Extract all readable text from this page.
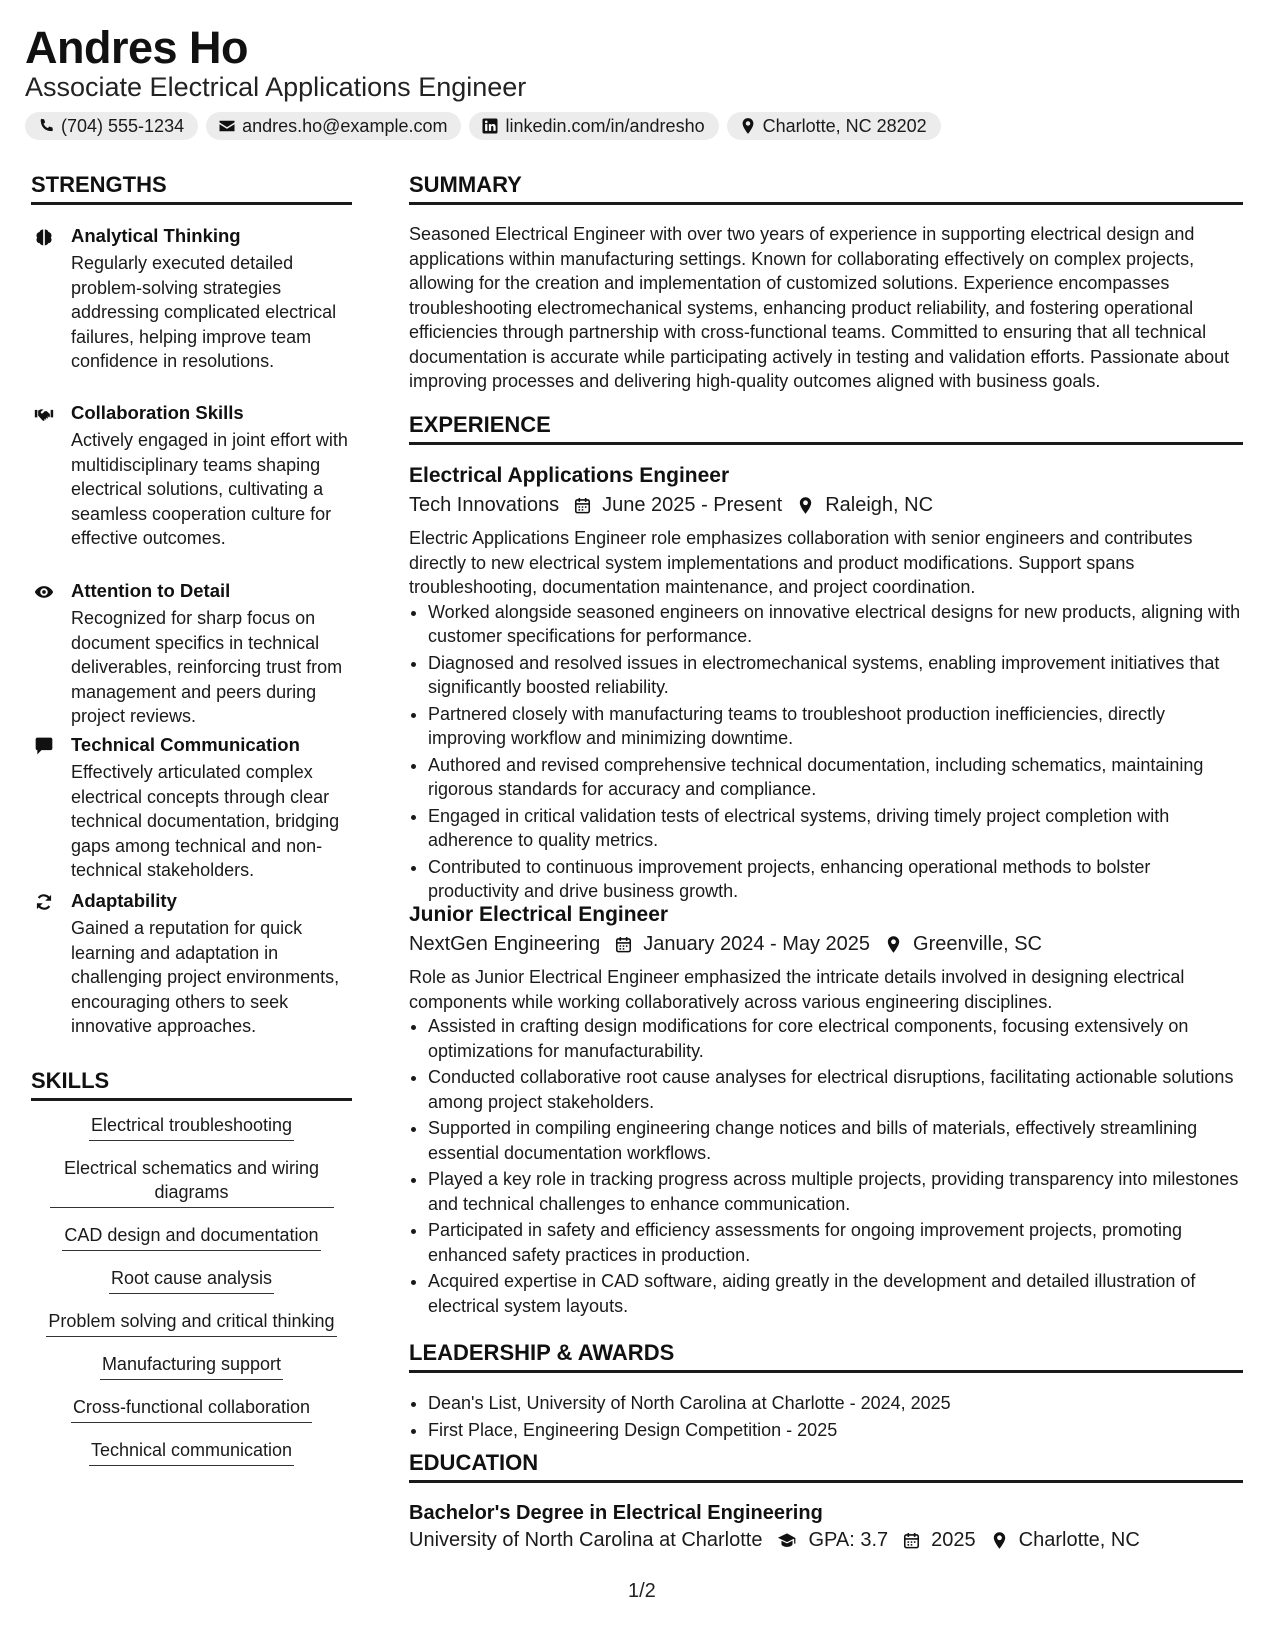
Andres Ho
Associate Electrical Applications Engineer
(704) 555-1234	andres.ho@example.com	linkedin.com/in/andresho	Charlotte, NC 28202
STRENGTHS
Analytical Thinking
Regularly executed detailed problem-solving strategies addressing complicated electrical failures, helping improve team confidence in resolutions.
Collaboration Skills
Actively engaged in joint effort with multidisciplinary teams shaping electrical solutions, cultivating a seamless cooperation culture for effective outcomes.
Attention to Detail
Recognized for sharp focus on document specifics in technical deliverables, reinforcing trust from management and peers during project reviews.
Technical Communication
Effectively articulated complex electrical concepts through clear technical documentation, bridging gaps among technical and non-technical stakeholders.
Adaptability
Gained a reputation for quick learning and adaptation in challenging project environments, encouraging others to seek innovative approaches.
SKILLS
Electrical troubleshooting
Electrical schematics and wiring diagrams
CAD design and documentation
Root cause analysis
Problem solving and critical thinking
Manufacturing support
Cross-functional collaboration
Technical communication
SUMMARY
Seasoned Electrical Engineer with over two years of experience in supporting electrical design and applications within manufacturing settings. Known for collaborating effectively on complex projects, allowing for the creation and implementation of customized solutions. Experience encompasses troubleshooting electromechanical systems, enhancing product reliability, and fostering operational efficiencies through partnership with cross-functional teams. Committed to ensuring that all technical documentation is accurate while participating actively in testing and validation efforts. Passionate about improving processes and delivering high-quality outcomes aligned with business goals.
EXPERIENCE
Electrical Applications Engineer
Tech Innovations June 2025 - Present Raleigh, NC
Electric Applications Engineer role emphasizes collaboration with senior engineers and contributes directly to new electrical system implementations and product modifications. Support spans troubleshooting, documentation maintenance, and project coordination.
• Worked alongside seasoned engineers on innovative electrical designs for new products, aligning with customer specifications for performance.
• Diagnosed and resolved issues in electromechanical systems, enabling improvement initiatives that significantly boosted reliability.
• Partnered closely with manufacturing teams to troubleshoot production inefficiencies, directly improving workflow and minimizing downtime.
• Authored and revised comprehensive technical documentation, including schematics, maintaining rigorous standards for accuracy and compliance.
• Engaged in critical validation tests of electrical systems, driving timely project completion with adherence to quality metrics.
• Contributed to continuous improvement projects, enhancing operational methods to bolster productivity and drive business growth.
Junior Electrical Engineer
NextGen Engineering January 2024 - May 2025 Greenville, SC
Role as Junior Electrical Engineer emphasized the intricate details involved in designing electrical components while working collaboratively across various engineering disciplines.
• Assisted in crafting design modifications for core electrical components, focusing extensively on optimizations for manufacturability.
• Conducted collaborative root cause analyses for electrical disruptions, facilitating actionable solutions among project stakeholders.
• Supported in compiling engineering change notices and bills of materials, effectively streamlining essential documentation workflows.
• Played a key role in tracking progress across multiple projects, providing transparency into milestones and technical challenges to enhance communication.
• Participated in safety and efficiency assessments for ongoing improvement projects, promoting enhanced safety practices in production.
• Acquired expertise in CAD software, aiding greatly in the development and detailed illustration of electrical system layouts.
LEADERSHIP & AWARDS
• Dean's List, University of North Carolina at Charlotte - 2024, 2025
• First Place, Engineering Design Competition - 2025
EDUCATION
Bachelor's Degree in Electrical Engineering
University of North Carolina at Charlotte GPA: 3.7 2025 Charlotte, NC
1/2
